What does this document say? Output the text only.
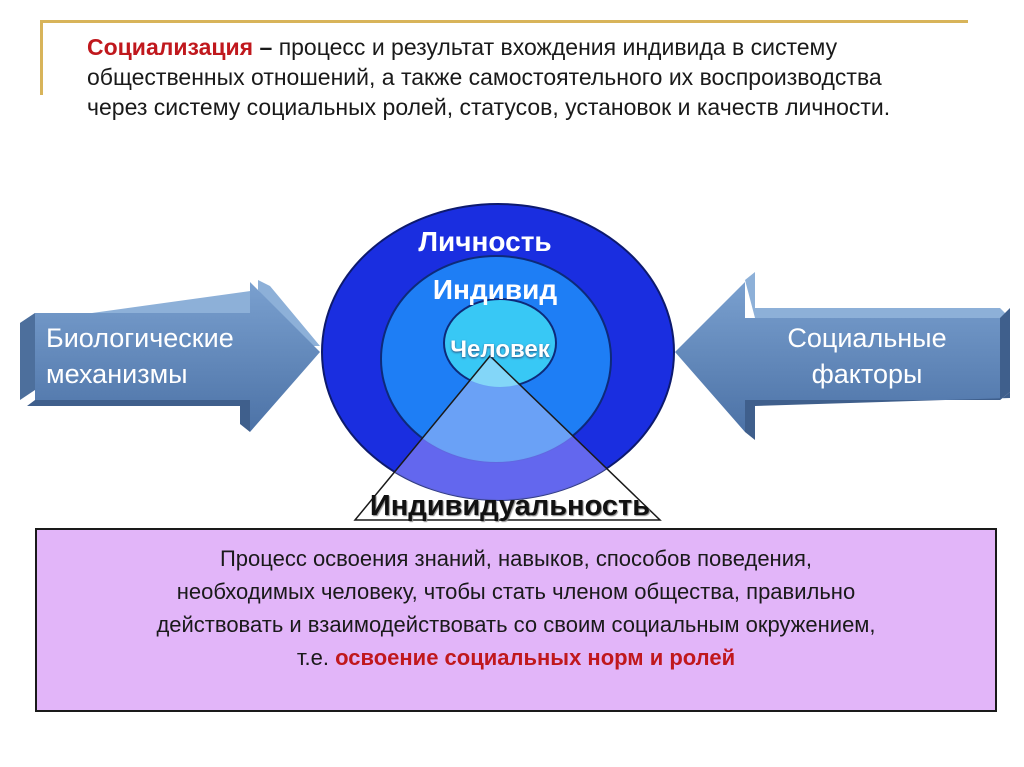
Социализация – процесс и результат вхождения индивида в систему общественных отношений, а также самостоятельного их воспроизводства через систему социальных ролей, статусов, установок и качеств личности.
Личность
Индивид
Человек
Биологические
механизмы
Социальные
факторы
Индивидуальность
Процесс освоения знаний, навыков, способов поведения,
необходимых человеку, чтобы стать членом общества, правильно
действовать и взаимодействовать со своим социальным окружением,
т.е. освоение социальных норм и ролей
